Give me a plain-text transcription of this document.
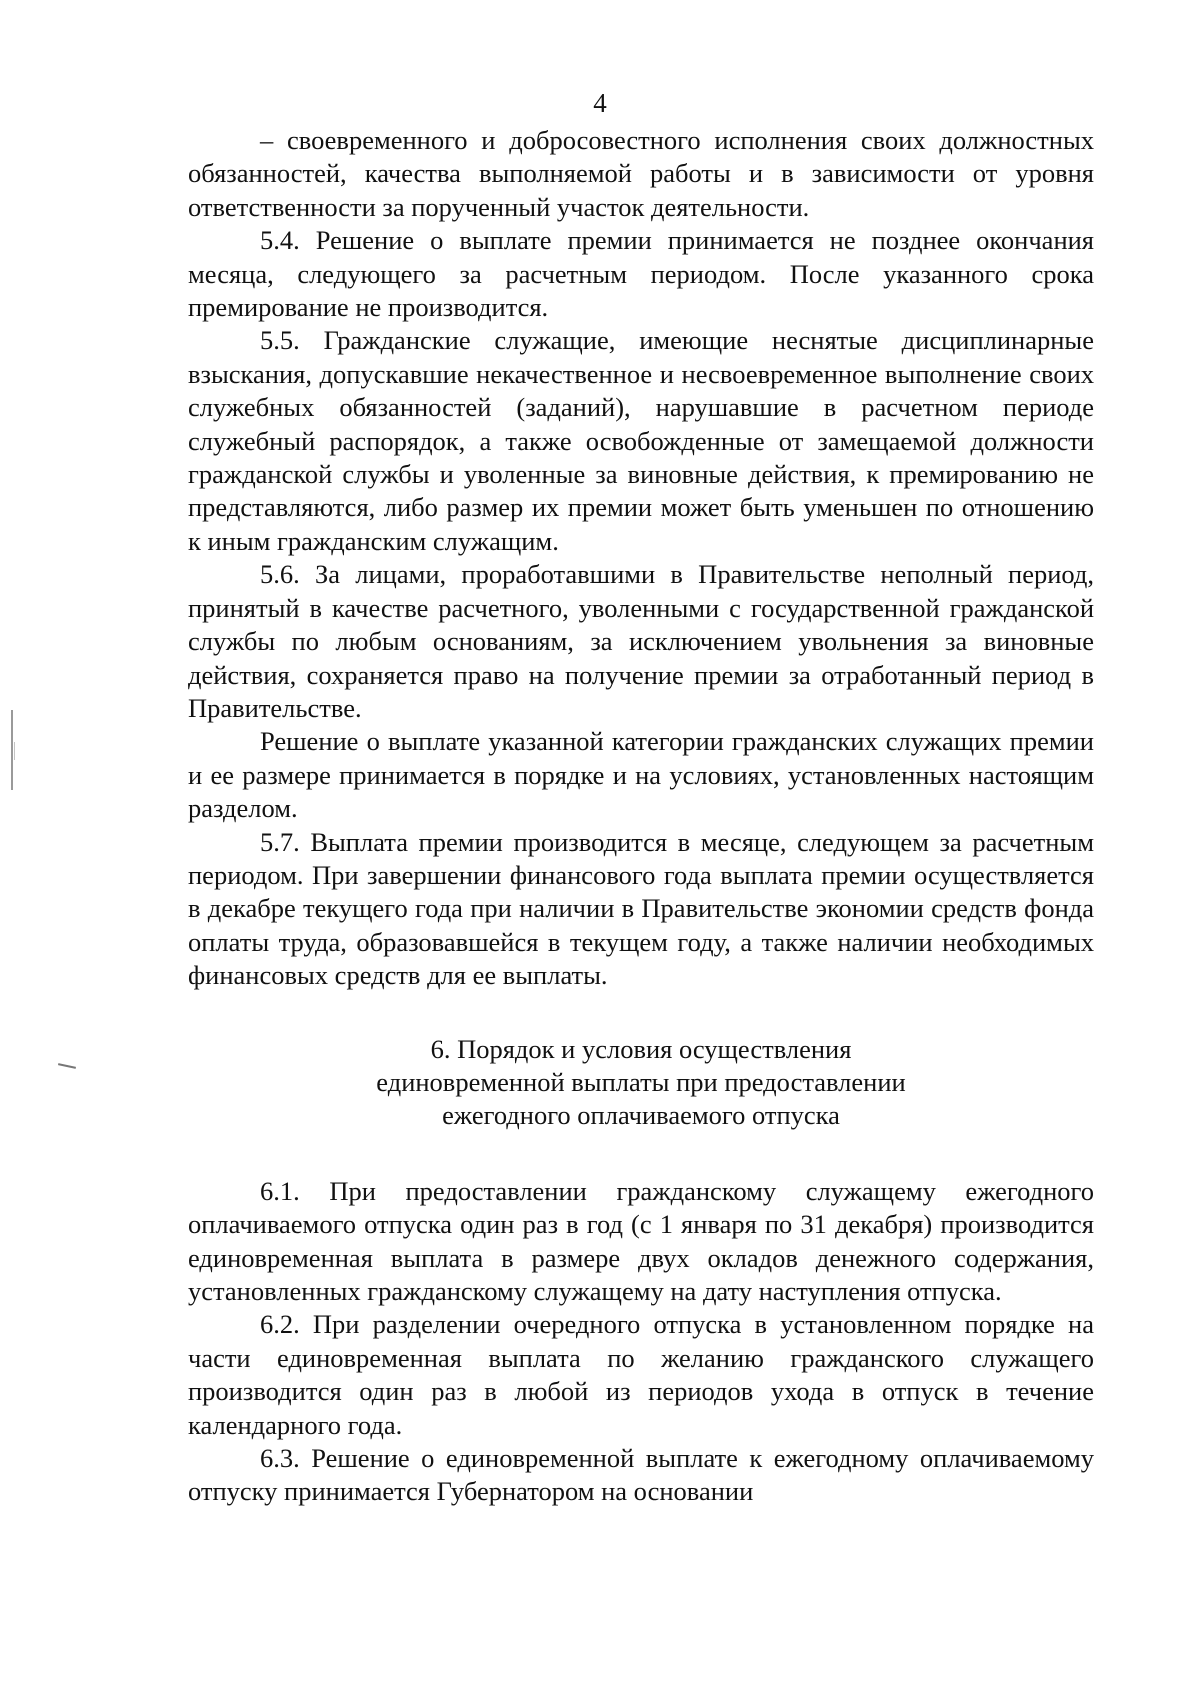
4

– своевременного и добросовестного исполнения своих должностных обязанностей, качества выполняемой работы и в зависимости от уровня ответственности за порученный участок деятельности.

5.4. Решение о выплате премии принимается не позднее окончания месяца, следующего за расчетным периодом. После указанного срока премирование не производится.

5.5. Гражданские служащие, имеющие неснятые дисциплинарные взыскания, допускавшие некачественное и несвоевременное выполнение своих служебных обязанностей (заданий), нарушавшие в расчетном периоде служебный распорядок, а также освобожденные от замещаемой должности гражданской службы и уволенные за виновные действия, к премированию не представляются, либо размер их премии может быть уменьшен по отношению к иным гражданским служащим.

5.6. За лицами, проработавшими в Правительстве неполный период, принятый в качестве расчетного, уволенными с государственной гражданской службы по любым основаниям, за исключением увольнения за виновные действия, сохраняется право на получение премии за отработанный период в Правительстве.

Решение о выплате указанной категории гражданских служащих премии и ее размере принимается в порядке и на условиях, установленных настоящим разделом.

5.7. Выплата премии производится в месяце, следующем за расчетным периодом. При завершении финансового года выплата премии осуществляется в декабре текущего года при наличии в Правительстве экономии средств фонда оплаты труда, образовавшейся в текущем году, а также наличии необходимых финансовых средств для ее выплаты.

6. Порядок и условия осуществления
единовременной выплаты при предоставлении
ежегодного оплачиваемого отпуска

6.1. При предоставлении гражданскому служащему ежегодного оплачиваемого отпуска один раз в год (с 1 января по 31 декабря) производится единовременная выплата в размере двух окладов денежного содержания, установленных гражданскому служащему на дату наступления отпуска.

6.2. При разделении очередного отпуска в установленном порядке на части единовременная выплата по желанию гражданского служащего производится один раз в любой из периодов ухода в отпуск в течение календарного года.

6.3. Решение о единовременной выплате к ежегодному оплачиваемому отпуску принимается Губернатором на основании
